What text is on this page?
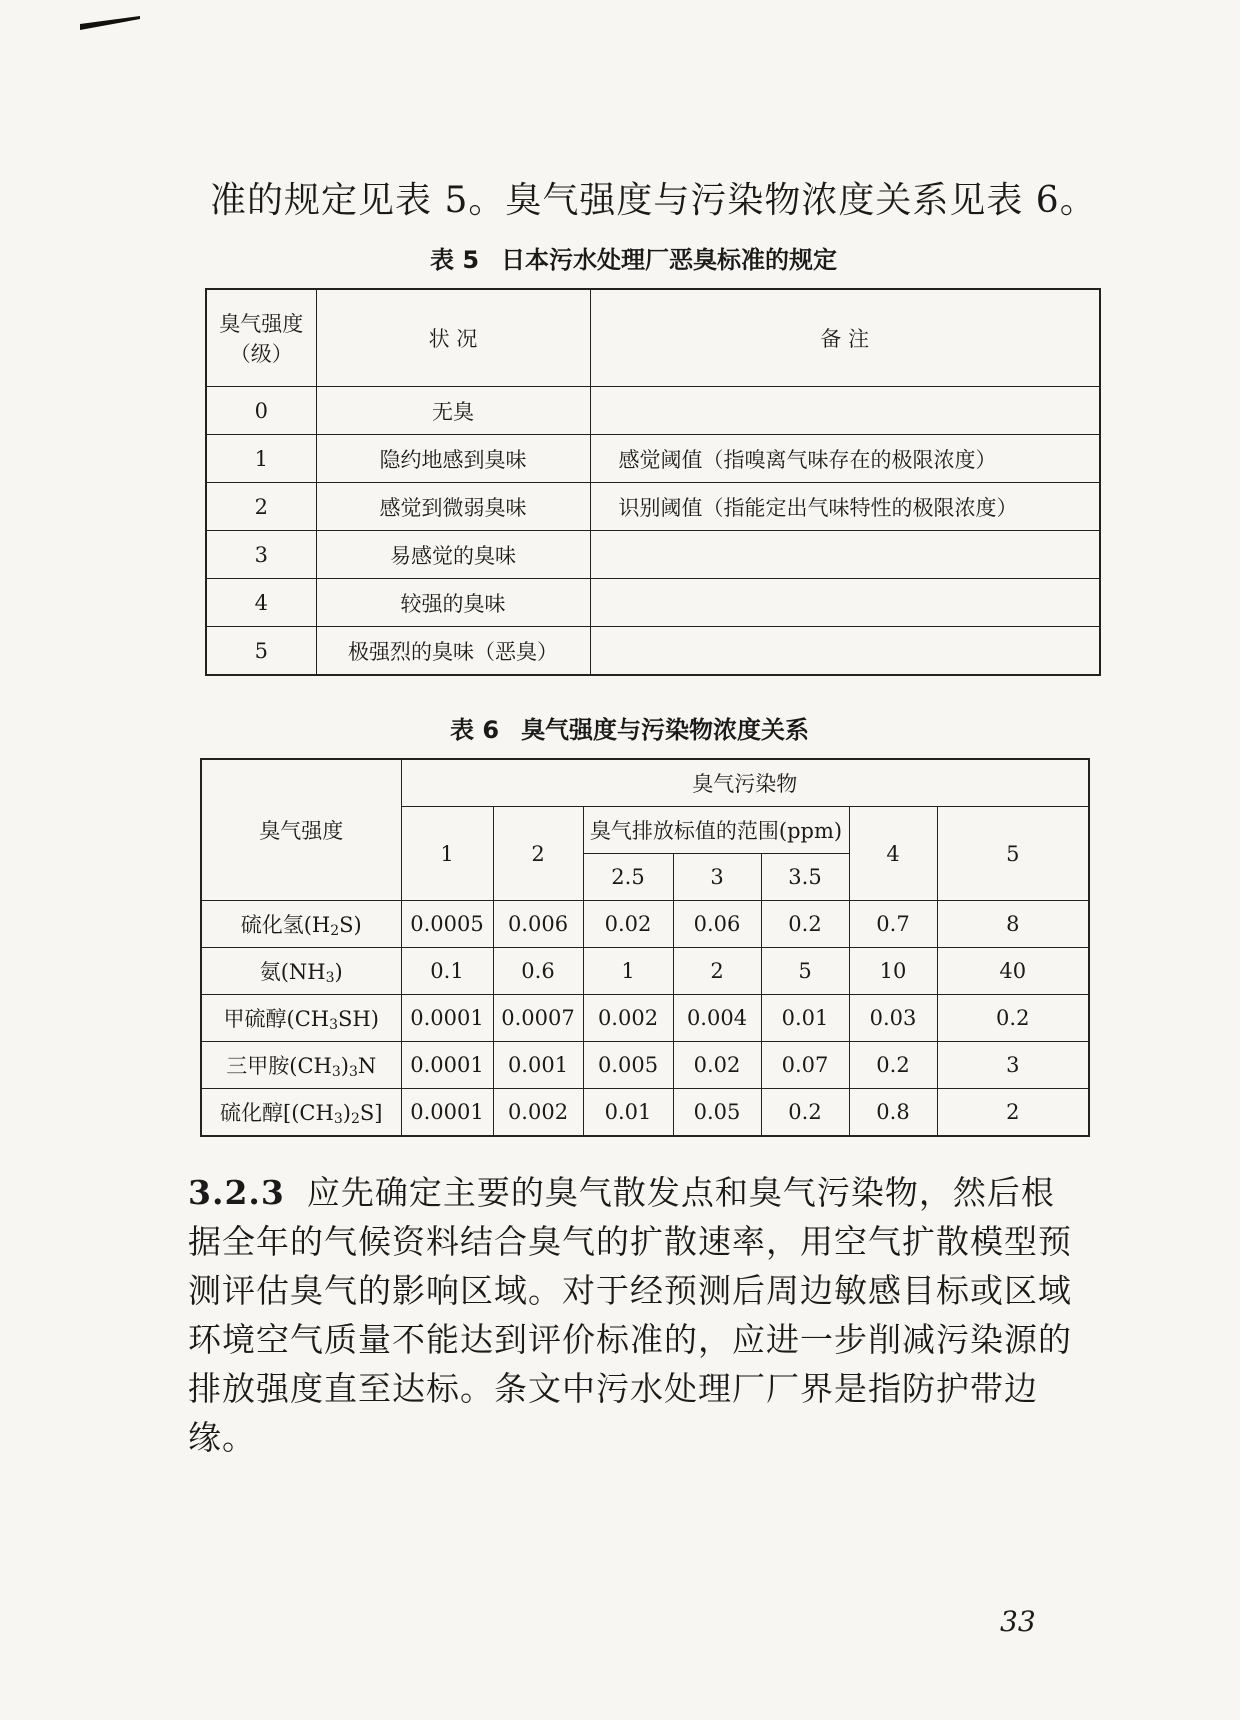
准的规定见表 5。臭气强度与污染物浓度关系见表 6。
表 5 日本污水处理厂恶臭标准的规定
臭气强度（级）	状 况	备 注
0	无臭	
1	隐约地感到臭味	感觉阈值（指嗅离气味存在的极限浓度）
2	感觉到微弱臭味	识别阈值（指能定出气味特性的极限浓度）
3	易感觉的臭味	
4	较强的臭味	
5	极强烈的臭味（恶臭）	
表 6 臭气强度与污染物浓度关系
臭气强度	臭气污染物						
	1	2	臭气排放标值的范围(ppm)			4	5
			2.5	3	3.5		
硫化氢$(H_2S)$	0.0005	0.006	0.02	0.06	0.2	0.7	8
氨$(NH_3)$	0.1	0.6	1	2	5	10	40
甲硫醇$(CH_3SH)$	0.0001	0.0007	0.002	0.004	0.01	0.03	0.2
三甲胺$(CH_3)_3N$	0.0001	0.001	0.005	0.02	0.07	0.2	3
硫化醇$[(CH_3)_2S]$	0.0001	0.002	0.01	0.05	0.2	0.8	2
3.2.3 应先确定主要的臭气散发点和臭气污染物，然后根据全年的气候资料结合臭气的扩散速率，用空气扩散模型预测评估臭气的影响区域。对于经预测后周边敏感目标或区域环境空气质量不能达到评价标准的，应进一步削减污染源的排放强度直至达标。条文中污水处理厂厂界是指防护带边缘。
33
